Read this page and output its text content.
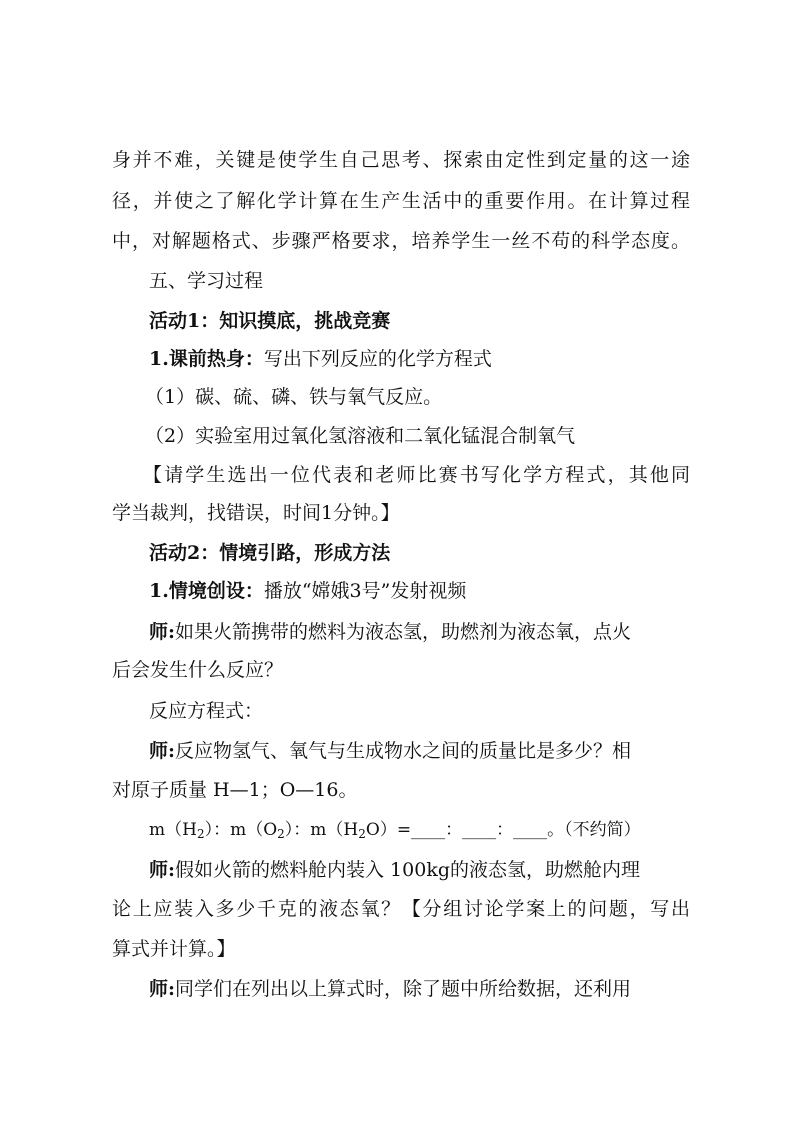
身并不难，关键是使学生自己思考、探索由定性到定量的这一途
径，并使之了解化学计算在生产生活中的重要作用。在计算过程
中，对解题格式、步骤严格要求，培养学生一丝不苟的科学态度。
五、学习过程
活动1：知识摸底，挑战竞赛
1.课前热身：写出下列反应的化学方程式
（1）碳、硫、磷、铁与氧气反应。
（2）实验室用过氧化氢溶液和二氧化锰混合制氧气
【请学生选出一位代表和老师比赛书写化学方程式，其他同
学当裁判，找错误，时间1分钟。】
活动2：情境引路，形成方法
1.情境创设：播放“嫦娥3号”发射视频
师:如果火箭携带的燃料为液态氢，助燃剂为液态氧，点火
后会发生什么反应？
反应方程式：
师:反应物氢气、氧气与生成物水之间的质量比是多少？相
对原子质量 H—1；O—16。
$m(H_2)$：$m(O_2)$：$m(H_2O)=\_\_\_\_$：____：____。（不约简）
师:假如火箭的燃料舱内装入 100kg的液态氢，助燃舱内理
论上应装入多少千克的液态氧？【分组讨论学案上的问题，写出
算式并计算。】
师:同学们在列出以上算式时，除了题中所给数据，还利用
